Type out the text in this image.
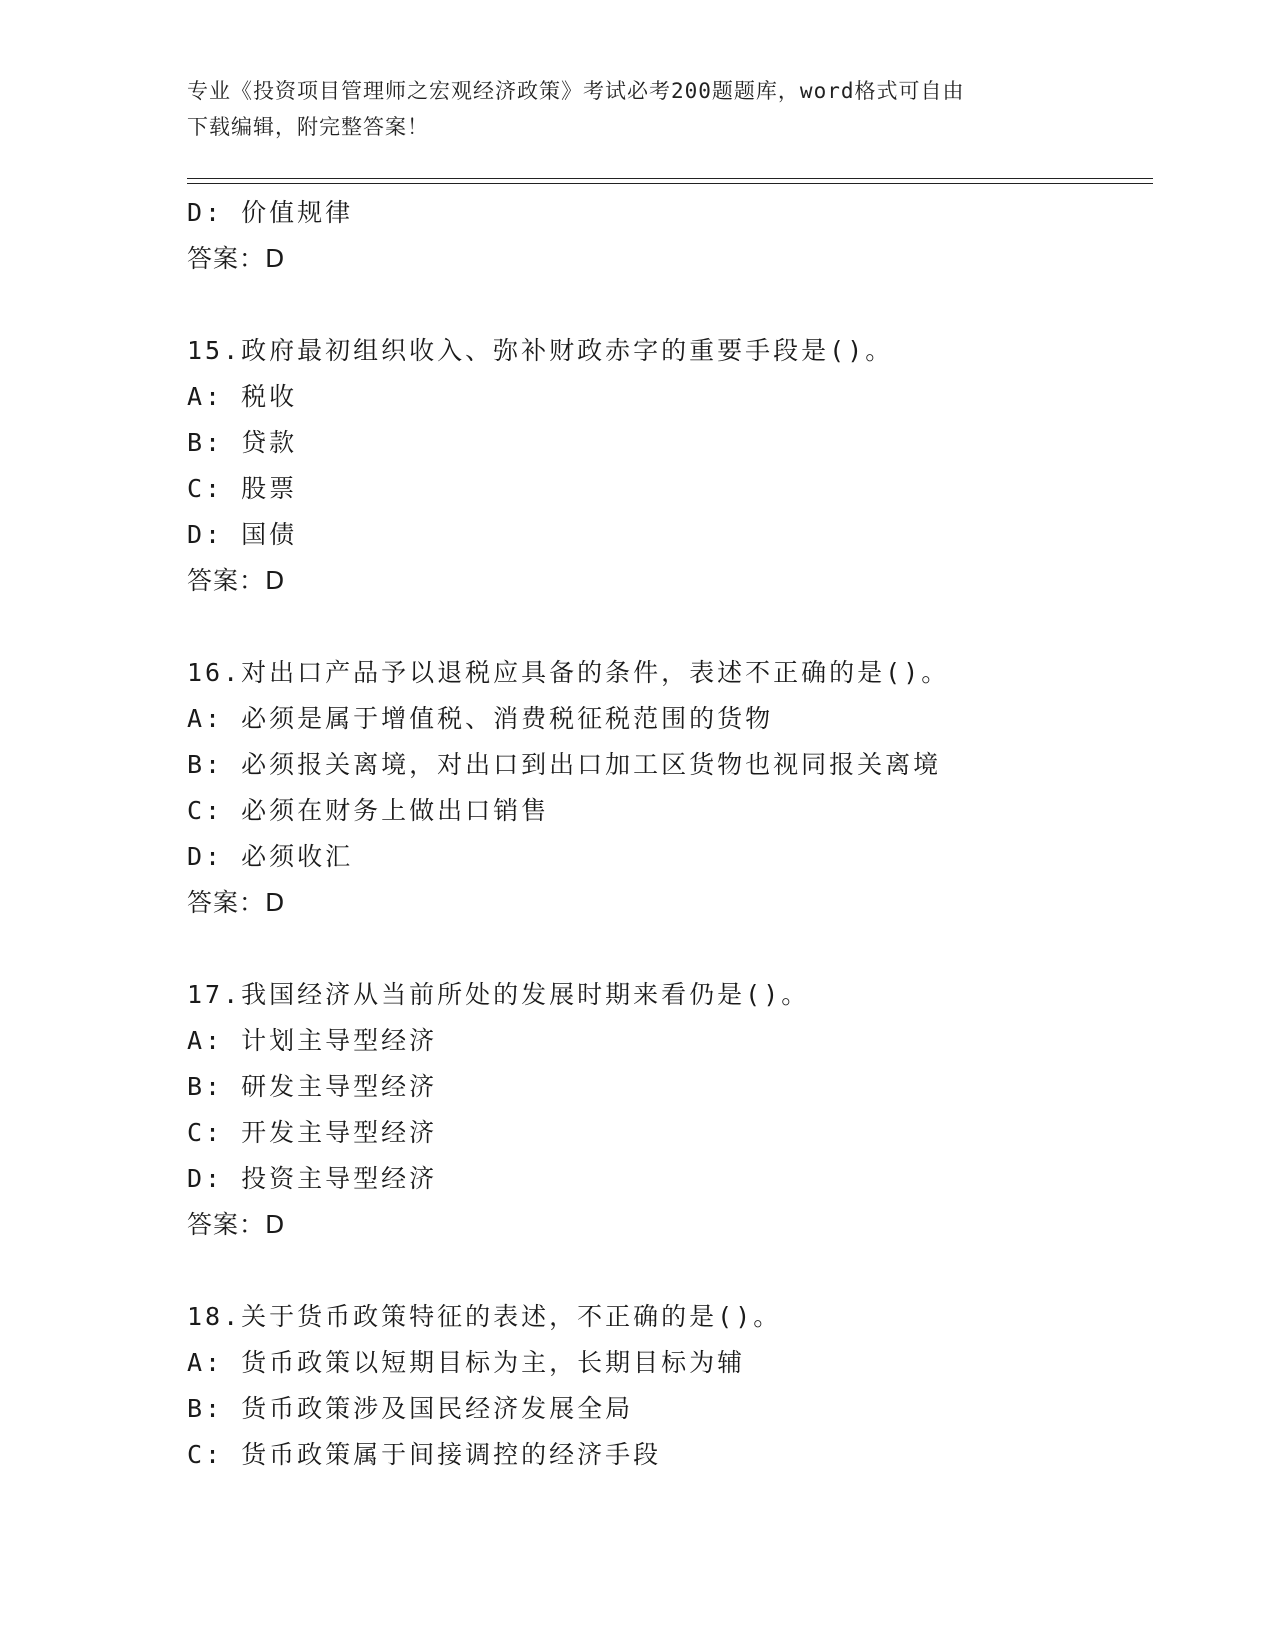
专业《投资项目管理师之宏观经济政策》考试必考200题题库，word格式可自由
下载编辑，附完整答案！
D: 价值规律
答案：D
15.政府最初组织收入、弥补财政赤字的重要手段是()。
A: 税收
B: 贷款
C: 股票
D: 国债
答案：D
16.对出口产品予以退税应具备的条件，表述不正确的是()。
A: 必须是属于增值税、消费税征税范围的货物
B: 必须报关离境，对出口到出口加工区货物也视同报关离境
C: 必须在财务上做出口销售
D: 必须收汇
答案：D
17.我国经济从当前所处的发展时期来看仍是()。
A: 计划主导型经济
B: 研发主导型经济
C: 开发主导型经济
D: 投资主导型经济
答案：D
18.关于货币政策特征的表述，不正确的是()。
A: 货币政策以短期目标为主，长期目标为辅
B: 货币政策涉及国民经济发展全局
C: 货币政策属于间接调控的经济手段
